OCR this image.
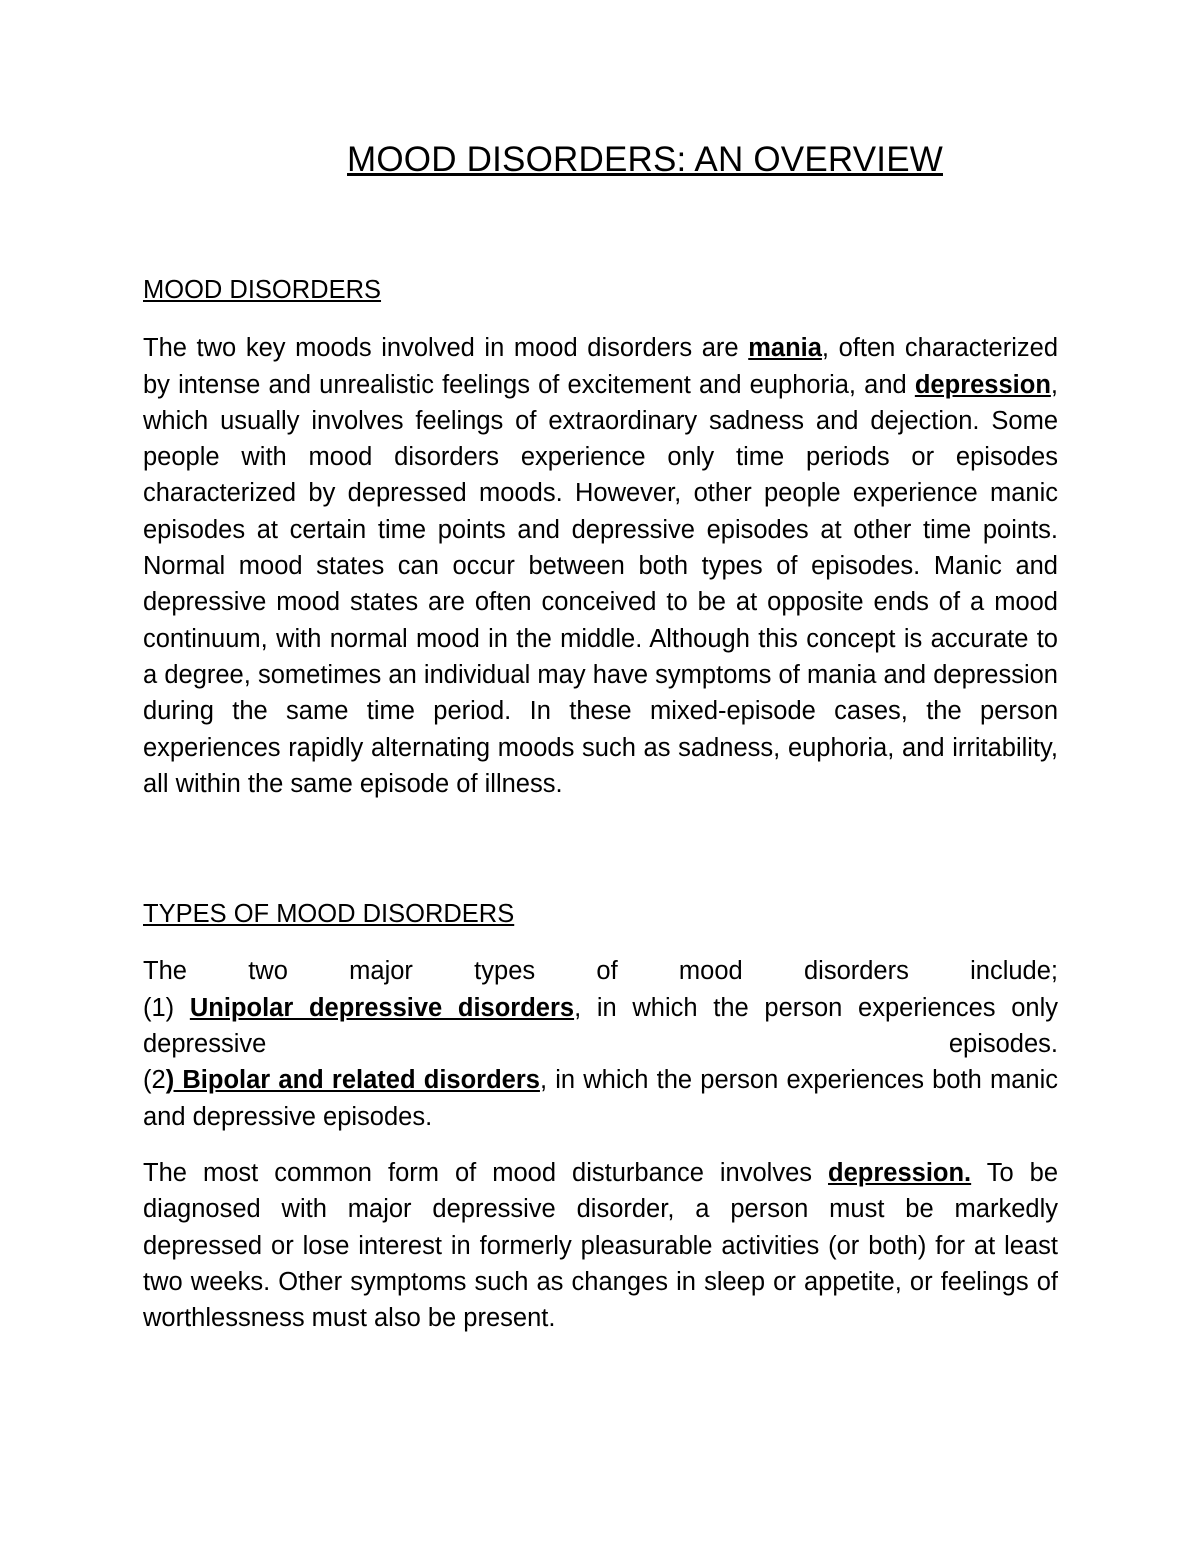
MOOD DISORDERS: AN OVERVIEW
MOOD DISORDERS

The two key moods involved in mood disorders are mania, often characterized by intense and unrealistic feelings of excitement and euphoria, and depression, which usually involves feelings of extraordinary sadness and dejection. Some people with mood disorders experience only time periods or episodes characterized by depressed moods. However, other people experience manic episodes at certain time points and depressive episodes at other time points. Normal mood states can occur between both types of episodes. Manic and depressive mood states are often conceived to be at opposite ends of a mood continuum, with normal mood in the middle. Although this concept is accurate to a degree, sometimes an individual may have symptoms of mania and depression during the same time period. In these mixed-episode cases, the person experiences rapidly alternating moods such as sadness, euphoria, and irritability, all within the same episode of illness.

TYPES OF MOOD DISORDERS

The two major types of mood disorders include;
(1) Unipolar depressive disorders, in which the person experiences only depressive episodes.
(2) Bipolar and related disorders, in which the person experiences both manic and depressive episodes.

The most common form of mood disturbance involves depression. To be diagnosed with major depressive disorder, a person must be markedly depressed or lose interest in formerly pleasurable activities (or both) for at least two weeks. Other symptoms such as changes in sleep or appetite, or feelings of worthlessness must also be present.
